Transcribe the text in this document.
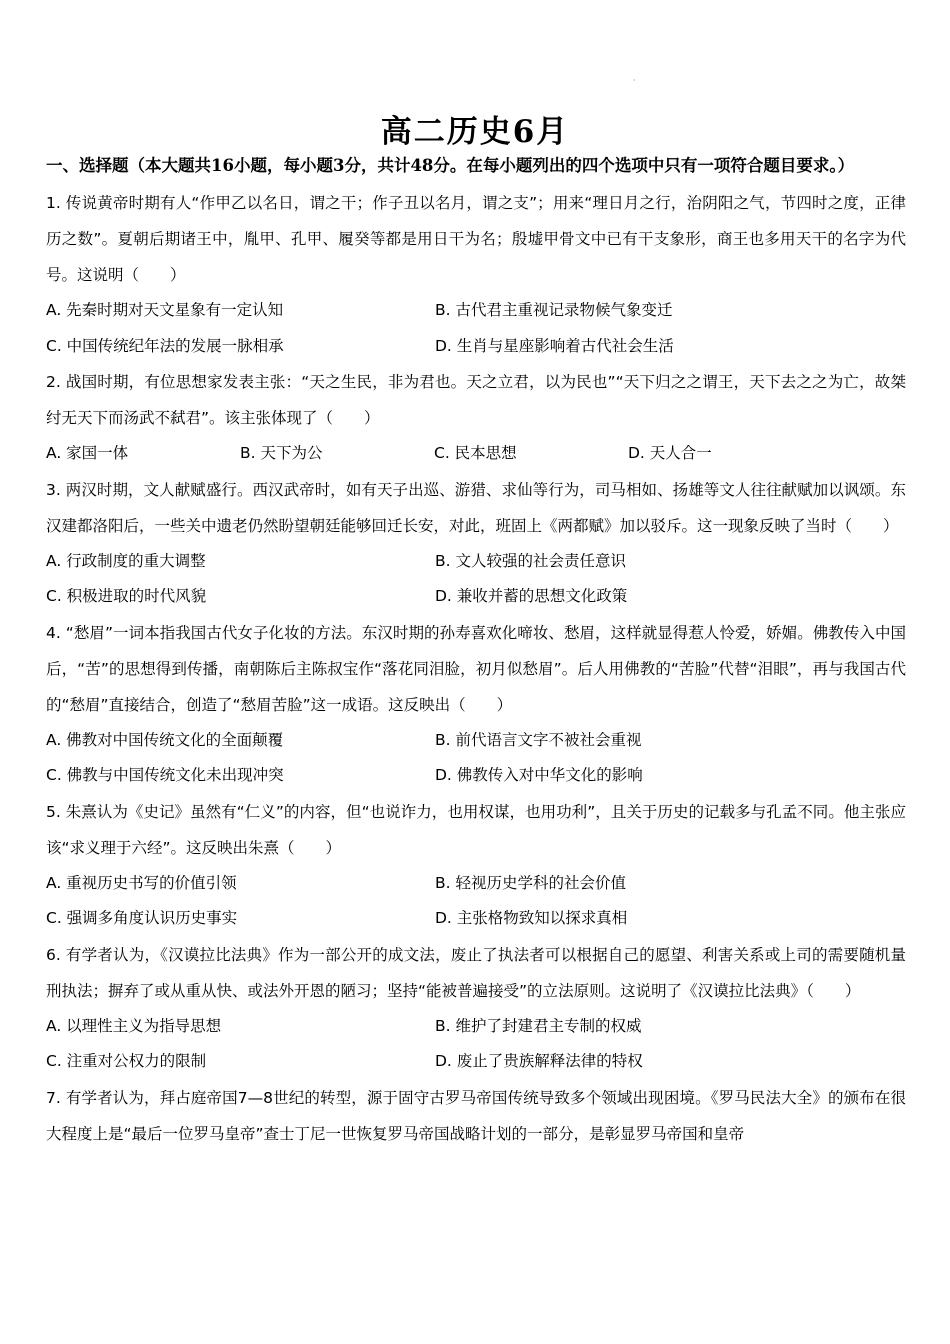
·
高二历史6月
一、选择题（本大题共16小题，每小题3分，共计48分。在每小题列出的四个选项中只有一项符合题目要求。）
1. 传说黄帝时期有人“作甲乙以名日，谓之干；作子丑以名月，谓之支”；用来“理日月之行，治阴阳之气，节四时之度，正律历之数”。夏朝后期诸王中，胤甲、孔甲、履癸等都是用日干为名；殷墟甲骨文中已有干支象形，商王也多用天干的名字为代号。这说明（　　）
A. 先秦时期对天文星象有一定认知	B. 古代君主重视记录物候气象变迁
C. 中国传统纪年法的发展一脉相承	D. 生肖与星座影响着古代社会生活
2. 战国时期，有位思想家发表主张：“天之生民，非为君也。天之立君，以为民也”“天下归之之谓王，天下去之之为亡，故桀纣无天下而汤武不弑君”。该主张体现了（　　）
A. 家国一体	B. 天下为公	C. 民本思想	D. 天人合一
3. 两汉时期，文人献赋盛行。西汉武帝时，如有天子出巡、游猎、求仙等行为，司马相如、扬雄等文人往往献赋加以讽颂。东汉建都洛阳后，一些关中遗老仍然盼望朝廷能够回迁长安，对此，班固上《两都赋》加以驳斥。这一现象反映了当时（　　）
A. 行政制度的重大调整	B. 文人较强的社会责任意识
C. 积极进取的时代风貌	D. 兼收并蓄的思想文化政策
4. “愁眉”一词本指我国古代女子化妆的方法。东汉时期的孙寿喜欢化啼妆、愁眉，这样就显得惹人怜爱，娇媚。佛教传入中国后，“苦”的思想得到传播，南朝陈后主陈叔宝作“落花同泪脸，初月似愁眉”。后人用佛教的“苦脸”代替“泪眼”，再与我国古代的“愁眉”直接结合，创造了“愁眉苦脸”这一成语。这反映出（　　）
A. 佛教对中国传统文化的全面颠覆	B. 前代语言文字不被社会重视
C. 佛教与中国传统文化未出现冲突	D. 佛教传入对中华文化的影响
5. 朱熹认为《史记》虽然有“仁义”的内容，但“也说诈力，也用权谋，也用功利”，且关于历史的记载多与孔孟不同。他主张应该“求义理于六经”。这反映出朱熹（　　）
A. 重视历史书写的价值引领	B. 轻视历史学科的社会价值
C. 强调多角度认识历史事实	D. 主张格物致知以探求真相
6. 有学者认为，《汉谟拉比法典》作为一部公开的成文法，废止了执法者可以根据自己的愿望、利害关系或上司的需要随机量刑执法；摒弃了或从重从快、或法外开恩的陋习；坚持“能被普遍接受”的立法原则。这说明了《汉谟拉比法典》（　　）
A. 以理性主义为指导思想	B. 维护了封建君主专制的权威
C. 注重对公权力的限制	D. 废止了贵族解释法律的特权
7. 有学者认为，拜占庭帝国7—8世纪的转型，源于固守古罗马帝国传统导致多个领域出现困境。《罗马民法大全》的颁布在很大程度上是“最后一位罗马皇帝”查士丁尼一世恢复罗马帝国战略计划的一部分，是彰显罗马帝国和皇帝
